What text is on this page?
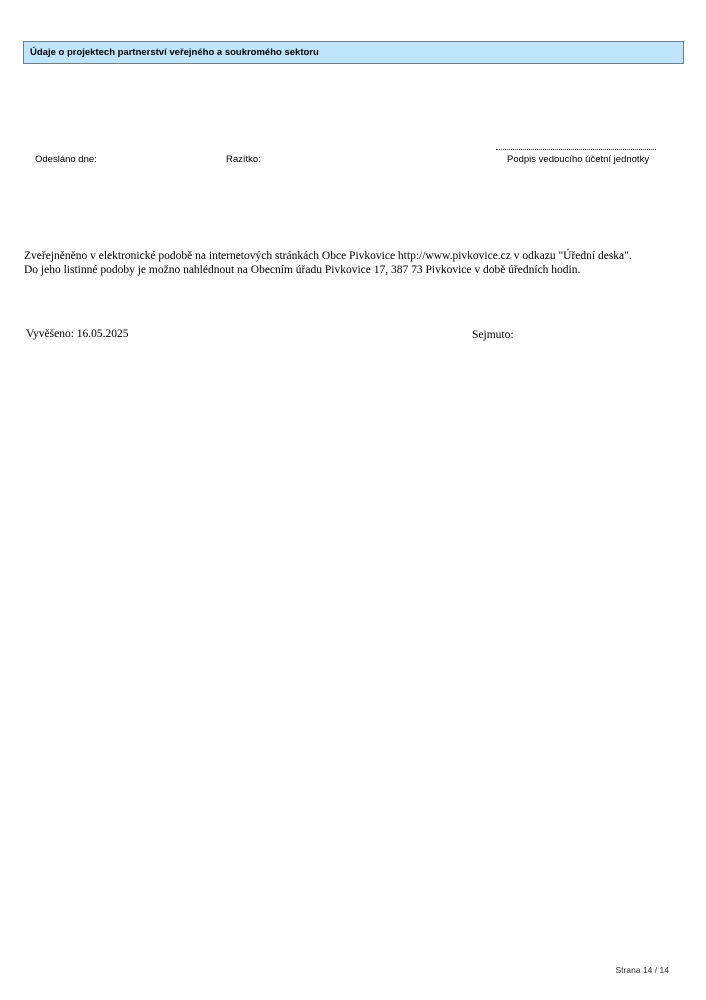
Údaje o projektech partnerství veřejného a soukromého sektoru
Odesláno dne:	Razítko:	Podpis vedoucího účetní jednotky
Zveřejněněno v elektronické podobě na internetových stránkách Obce Pivkovice http://www.pivkovice.cz v odkazu "Úřední deska".
Do jeho listinné podoby je možno nahlédnout na Obecním úřadu Pivkovice 17, 387 73 Pivkovice v době úředních hodin.
Vyvěšeno: 16.05.2025	Sejmuto:
Strana 14 / 14
